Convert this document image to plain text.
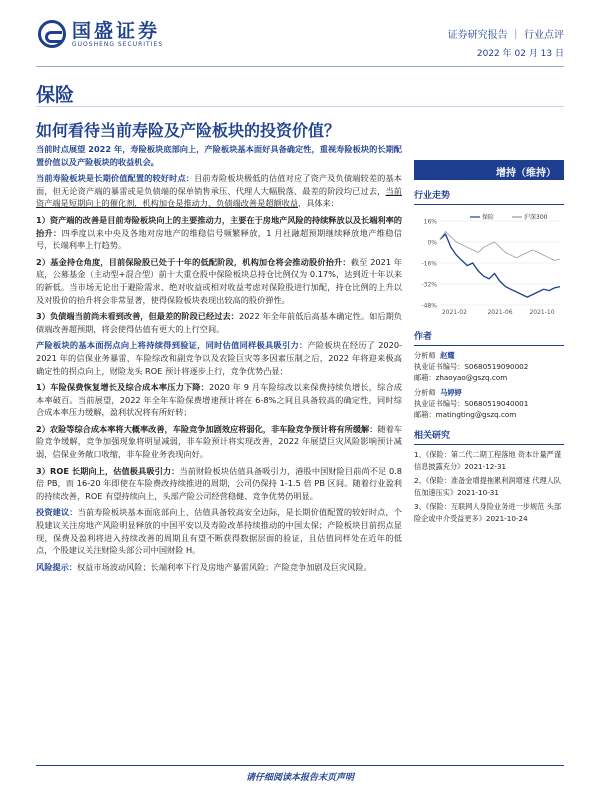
国盛证券
GUOSHENG SECURITIES
证券研究报告 ｜ 行业点评
2022 年 02 月 13 日
保险
如何看待当前寿险及产险板块的投资价值？

当前时点展望 2022 年，寿险板块底部向上，产险板块基本面好具备确定性，重视寿险板块的长期配置价值以及产险板块的收益机会。

当前寿险板块是长期价值配置的较好时点：目前寿险板块极低的估值对应了资产及负债端较差的基本面，但无论资产端的暴雷或是负债端的保单销售承压、代理人大幅脱落、最差的阶段均已过去，当前资产端是短期向上的催化剂，机构加仓是推动力、负债端改善是超额收益，具体来：

1）资产端的改善是目前寿险板块向上的主要推动力，主要在于房地产风险的持续释放以及长端利率的抬升：四季度以来中央及各地对房地产的维稳信号频繁释放，1 月社融超预期继续释放地产维稳信号，长端利率上行趋势。

2）基金持仓角度，目前保险股已处于十年的低配阶段，机构加仓将会推动股价抬升：截至 2021 年底，公募基金（主动型+混合型）前十大重仓股中保险板块总持仓比例仅为 0.17%，达到近十年以来的新低。当市场无论出于避险需求、绝对收益或相对收益考虑对保险股进行加配，持仓比例的上升以及对股价的抬升将会非常显著，使得保险板块表现出较高的股价弹性。

3）负债端当前尚未看到改善，但最差的阶段已经过去：2022 年全年前低后高基本确定性。如后期负债端改善超预期，将会使得估值有更大的上行空间。

产险板块的基本面拐点向上将持续得到验证，同时估值同样极具吸引力：产险板块在经历了 2020-2021 年的信保业务暴雷、车险综改和副竞争以及农险巨灾等多因素压制之后，2022 年将迎来极高确定性的拐点向上，财险龙头 ROE 预计将逐步上行，竞争优势凸显：

1）车险保费恢复增长及综合成本率压力下降：2020 年 9 月车险综改以来保费持续负增长，综合成本率破百。当前展望，2022 年全年车险保费增速预计将在 6-8%之间且具备较高的确定性，同时综合成本率压力缓解，盈利状况将有所好转；

2）农险等综合成本率将大概率改善，车险竞争加剧效应将弱化，非车险竞争预计将有所缓解：随着车险竞争缓解，竞争加强现象将明显减弱，非车险预计将实现改善，2022 年展望巨灾风险影响预计减弱，信保业务敞口收缩，非车险业务表现向好。

3）ROE 长期向上，估值极具吸引力：当前财险板块估值具备吸引力，港股中国财险目前尚不足 0.8 倍 PB，而 16-20 年即使在车险费改持续推进的周期，公司仍保持 1-1.5 倍 PB 区间。随着行业盈利的持续改善，ROE 有望持续向上，头部产险公司经营稳健、竞争优势仍明显。

投资建议：当前寿险板块基本面底部向上、估值具备较高安全边际，是长期价值配置的较好时点，个股建议关注房地产风险明显释放的中国平安以及寿险改革持续推动的中国太保；产险板块目前拐点显现，保费及盈利将进入持续改善的周期且有望不断获得数据层面的验证，且估值同样处在近年的低点，个股建议关注财险头部公司中国财险 H。

风险提示：权益市场波动风险；长端利率下行及房地产暴雷风险；产险竞争加剧及巨灾风险。

增持（维持）
行业走势
16%
0%
-16%
-32%
-48%
2021-02	2021-06	2021-10
保险	沪深300
作者
分析师 赵耀
执业证书编号：S0680519090002
邮箱：zhaoyao@gszq.com
分析师 马婷婷
执业证书编号：S0680519040001
邮箱：matingting@gszq.com
相关研究
1、《保险：第二代二期工程落地 资本计量严谨 信息披露充分》2021-12-31
2、《保险：准备金增提拖累利润增速 代理人队伍加速压实》2021-10-31
3、《保险：互联网人身险业务进一步规范 头部险企或中介受益更多》2021-10-24
请仔细阅读本报告末页声明
